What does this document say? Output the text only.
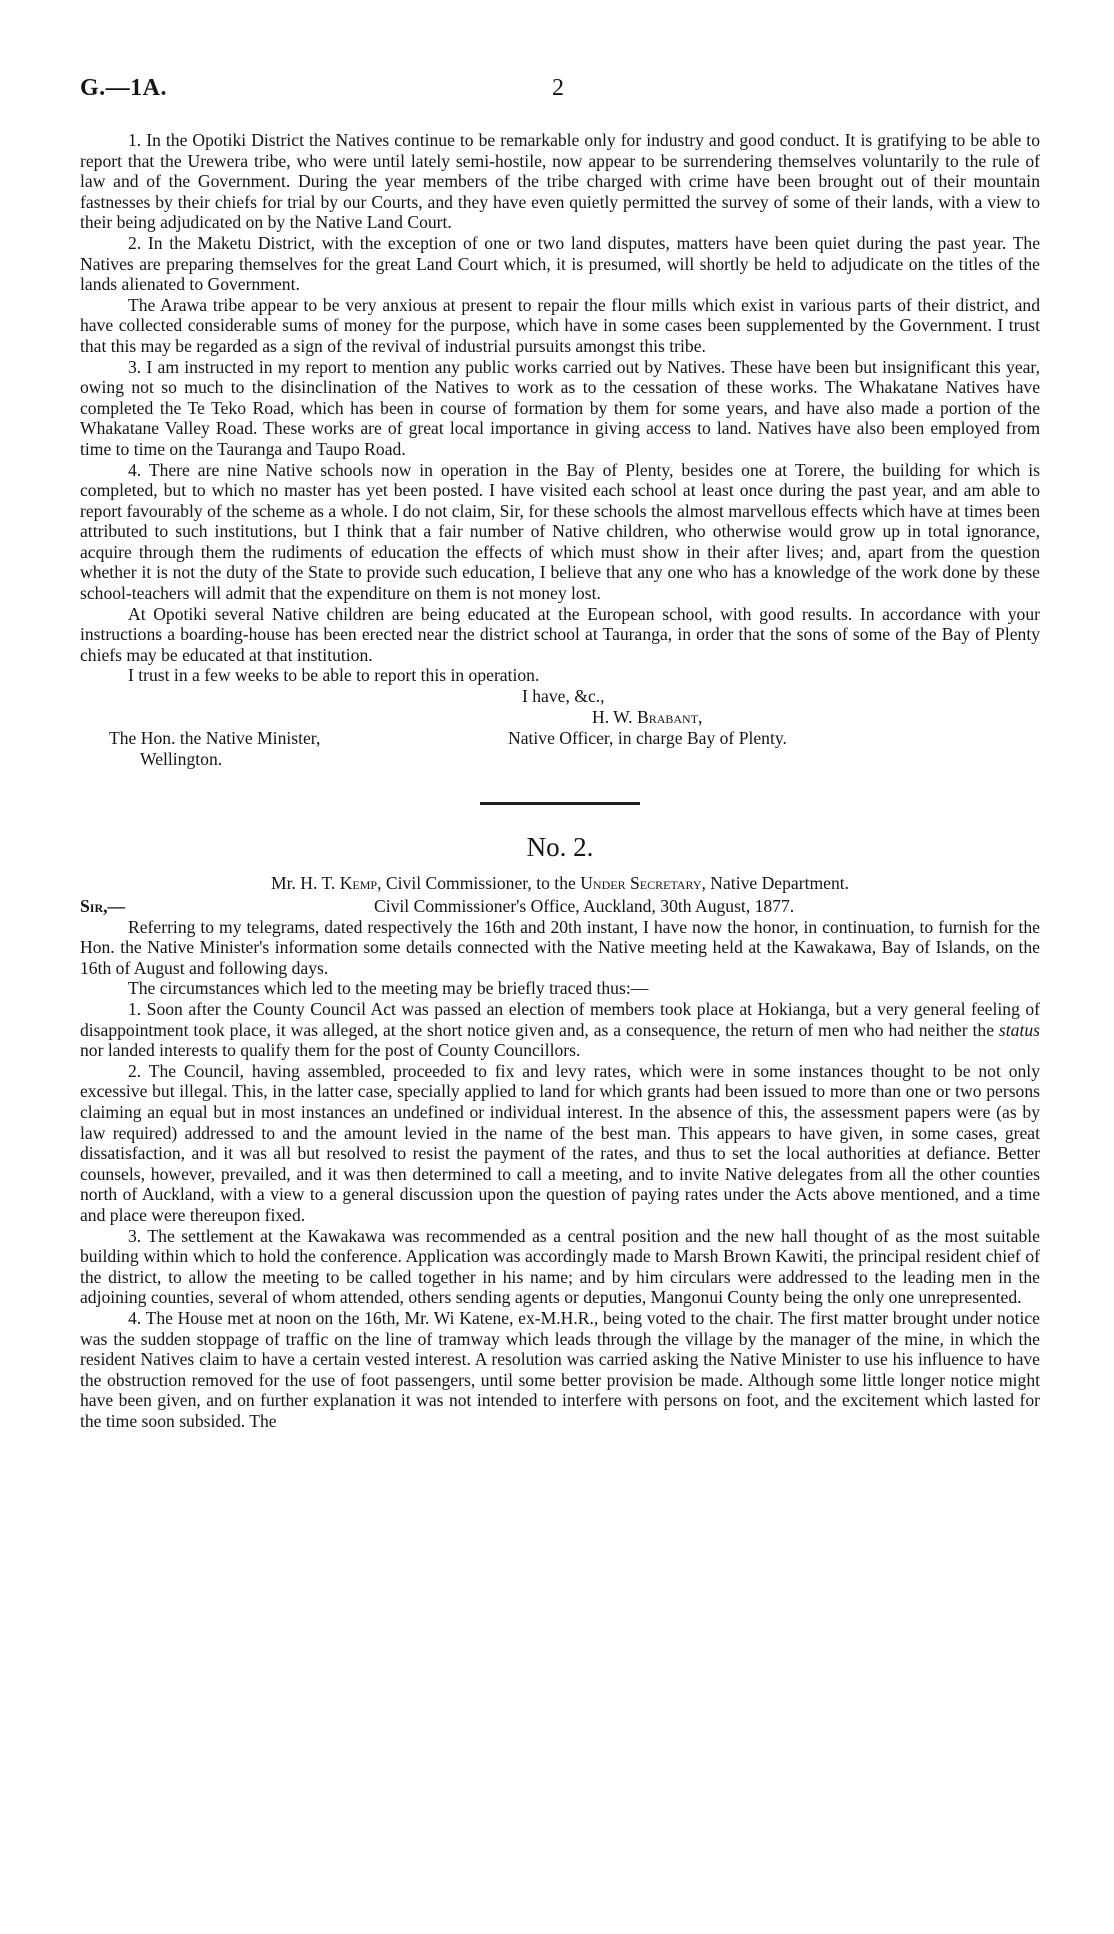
G.—1A.	2

1. In the Opotiki District the Natives continue to be remarkable only for industry and good conduct. It is gratifying to be able to report that the Urewera tribe, who were until lately semi-hostile, now appear to be surrendering themselves voluntarily to the rule of law and of the Government. During the year members of the tribe charged with crime have been brought out of their mountain fastnesses by their chiefs for trial by our Courts, and they have even quietly permitted the survey of some of their lands, with a view to their being adjudicated on by the Native Land Court.

2. In the Maketu District, with the exception of one or two land disputes, matters have been quiet during the past year. The Natives are preparing themselves for the great Land Court which, it is presumed, will shortly be held to adjudicate on the titles of the lands alienated to Government.

The Arawa tribe appear to be very anxious at present to repair the flour mills which exist in various parts of their district, and have collected considerable sums of money for the purpose, which have in some cases been supplemented by the Government. I trust that this may be regarded as a sign of the revival of industrial pursuits amongst this tribe.

3. I am instructed in my report to mention any public works carried out by Natives. These have been but insignificant this year, owing not so much to the disinclination of the Natives to work as to the cessation of these works. The Whakatane Natives have completed the Te Teko Road, which has been in course of formation by them for some years, and have also made a portion of the Whakatane Valley Road. These works are of great local importance in giving access to land. Natives have also been employed from time to time on the Tauranga and Taupo Road.

4. There are nine Native schools now in operation in the Bay of Plenty, besides one at Torere, the building for which is completed, but to which no master has yet been posted. I have visited each school at least once during the past year, and am able to report favourably of the scheme as a whole. I do not claim, Sir, for these schools the almost marvellous effects which have at times been attributed to such institutions, but I think that a fair number of Native children, who otherwise would grow up in total ignorance, acquire through them the rudiments of education the effects of which must show in their after lives; and, apart from the question whether it is not the duty of the State to provide such education, I believe that any one who has a knowledge of the work done by these school-teachers will admit that the expenditure on them is not money lost.

At Opotiki several Native children are being educated at the European school, with good results. In accordance with your instructions a boarding-house has been erected near the district school at Tauranga, in order that the sons of some of the Bay of Plenty chiefs may be educated at that institution.

I trust in a few weeks to be able to report this in operation.

I have, &c.,
H. W. Brabant,
The Hon. the Native Minister,	Native Officer, in charge Bay of Plenty.
Wellington.
No. 2.
Mr. H. T. Kemp, Civil Commissioner, to the Under Secretary, Native Department.
Sir,—	Civil Commissioner's Office, Auckland, 30th August, 1877.

Referring to my telegrams, dated respectively the 16th and 20th instant, I have now the honor, in continuation, to furnish for the Hon. the Native Minister's information some details connected with the Native meeting held at the Kawakawa, Bay of Islands, on the 16th of August and following days.

The circumstances which led to the meeting may be briefly traced thus:—

1. Soon after the County Council Act was passed an election of members took place at Hokianga, but a very general feeling of disappointment took place, it was alleged, at the short notice given and, as a consequence, the return of men who had neither the status nor landed interests to qualify them for the post of County Councillors.

2. The Council, having assembled, proceeded to fix and levy rates, which were in some instances thought to be not only excessive but illegal. This, in the latter case, specially applied to land for which grants had been issued to more than one or two persons claiming an equal but in most instances an undefined or individual interest. In the absence of this, the assessment papers were (as by law required) addressed to and the amount levied in the name of the best man. This appears to have given, in some cases, great dissatisfaction, and it was all but resolved to resist the payment of the rates, and thus to set the local authorities at defiance. Better counsels, however, prevailed, and it was then determined to call a meeting, and to invite Native delegates from all the other counties north of Auckland, with a view to a general discussion upon the question of paying rates under the Acts above mentioned, and a time and place were thereupon fixed.

3. The settlement at the Kawakawa was recommended as a central position and the new hall thought of as the most suitable building within which to hold the conference. Application was accordingly made to Marsh Brown Kawiti, the principal resident chief of the district, to allow the meeting to be called together in his name; and by him circulars were addressed to the leading men in the adjoining counties, several of whom attended, others sending agents or deputies, Mangonui County being the only one unrepresented.

4. The House met at noon on the 16th, Mr. Wi Katene, ex-M.H.R., being voted to the chair. The first matter brought under notice was the sudden stoppage of traffic on the line of tramway which leads through the village by the manager of the mine, in which the resident Natives claim to have a certain vested interest. A resolution was carried asking the Native Minister to use his influence to have the obstruction removed for the use of foot passengers, until some better provision be made. Although some little longer notice might have been given, and on further explanation it was not intended to interfere with persons on foot, and the excitement which lasted for the time soon subsided. The
